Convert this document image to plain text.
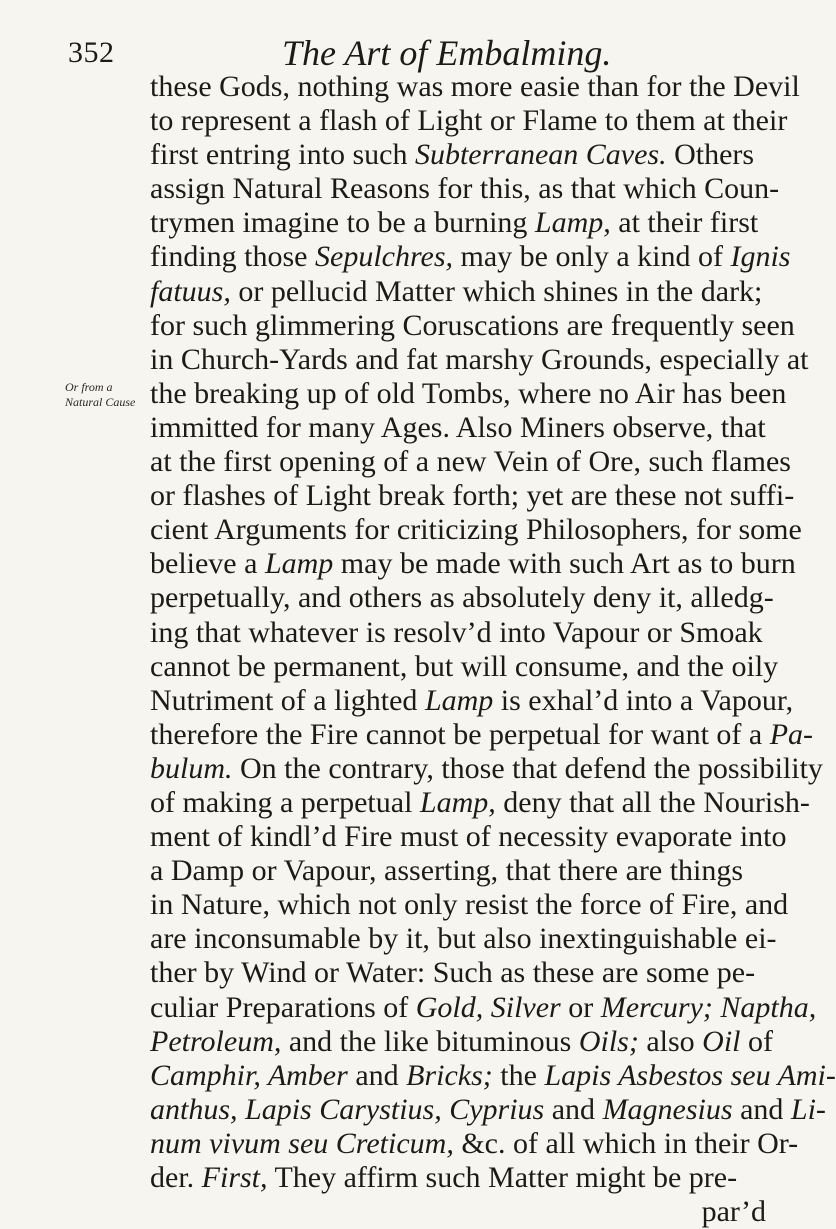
352	The Art of Embalming.
Or from a
Natural Cause
these Gods, nothing was more easie than for the Devil
to represent a flash of Light or Flame to them at their
first entring into such Subterranean Caves. Others
assign Natural Reasons for this, as that which Coun-
trymen imagine to be a burning Lamp, at their first
finding those Sepulchres, may be only a kind of Ignis
fatuus, or pellucid Matter which shines in the dark;
for such glimmering Coruscations are frequently seen
in Church-Yards and fat marshy Grounds, especially at
the breaking up of old Tombs, where no Air has been
immitted for many Ages. Also Miners observe, that
at the first opening of a new Vein of Ore, such flames
or flashes of Light break forth; yet are these not suffi-
cient Arguments for criticizing Philosophers, for some
believe a Lamp may be made with such Art as to burn
perpetually, and others as absolutely deny it, alledg-
ing that whatever is resolv’d into Vapour or Smoak
cannot be permanent, but will consume, and the oily
Nutriment of a lighted Lamp is exhal’d into a Vapour,
therefore the Fire cannot be perpetual for want of a Pa-
bulum. On the contrary, those that defend the possibility
of making a perpetual Lamp, deny that all the Nourish-
ment of kindl’d Fire must of necessity evaporate into
a Damp or Vapour, asserting, that there are things
in Nature, which not only resist the force of Fire, and
are inconsumable by it, but also inextinguishable ei-
ther by Wind or Water: Such as these are some pe-
culiar Preparations of Gold, Silver or Mercury; Naptha,
Petroleum, and the like bituminous Oils; also Oil of
Camphir, Amber and Bricks; the Lapis Asbestos seu Ami-
anthus, Lapis Carystius, Cyprius and Magnesius and Li-
num vivum seu Creticum, &c. of all which in their Or-
der. First, They affirm such Matter might be pre-
par’d
